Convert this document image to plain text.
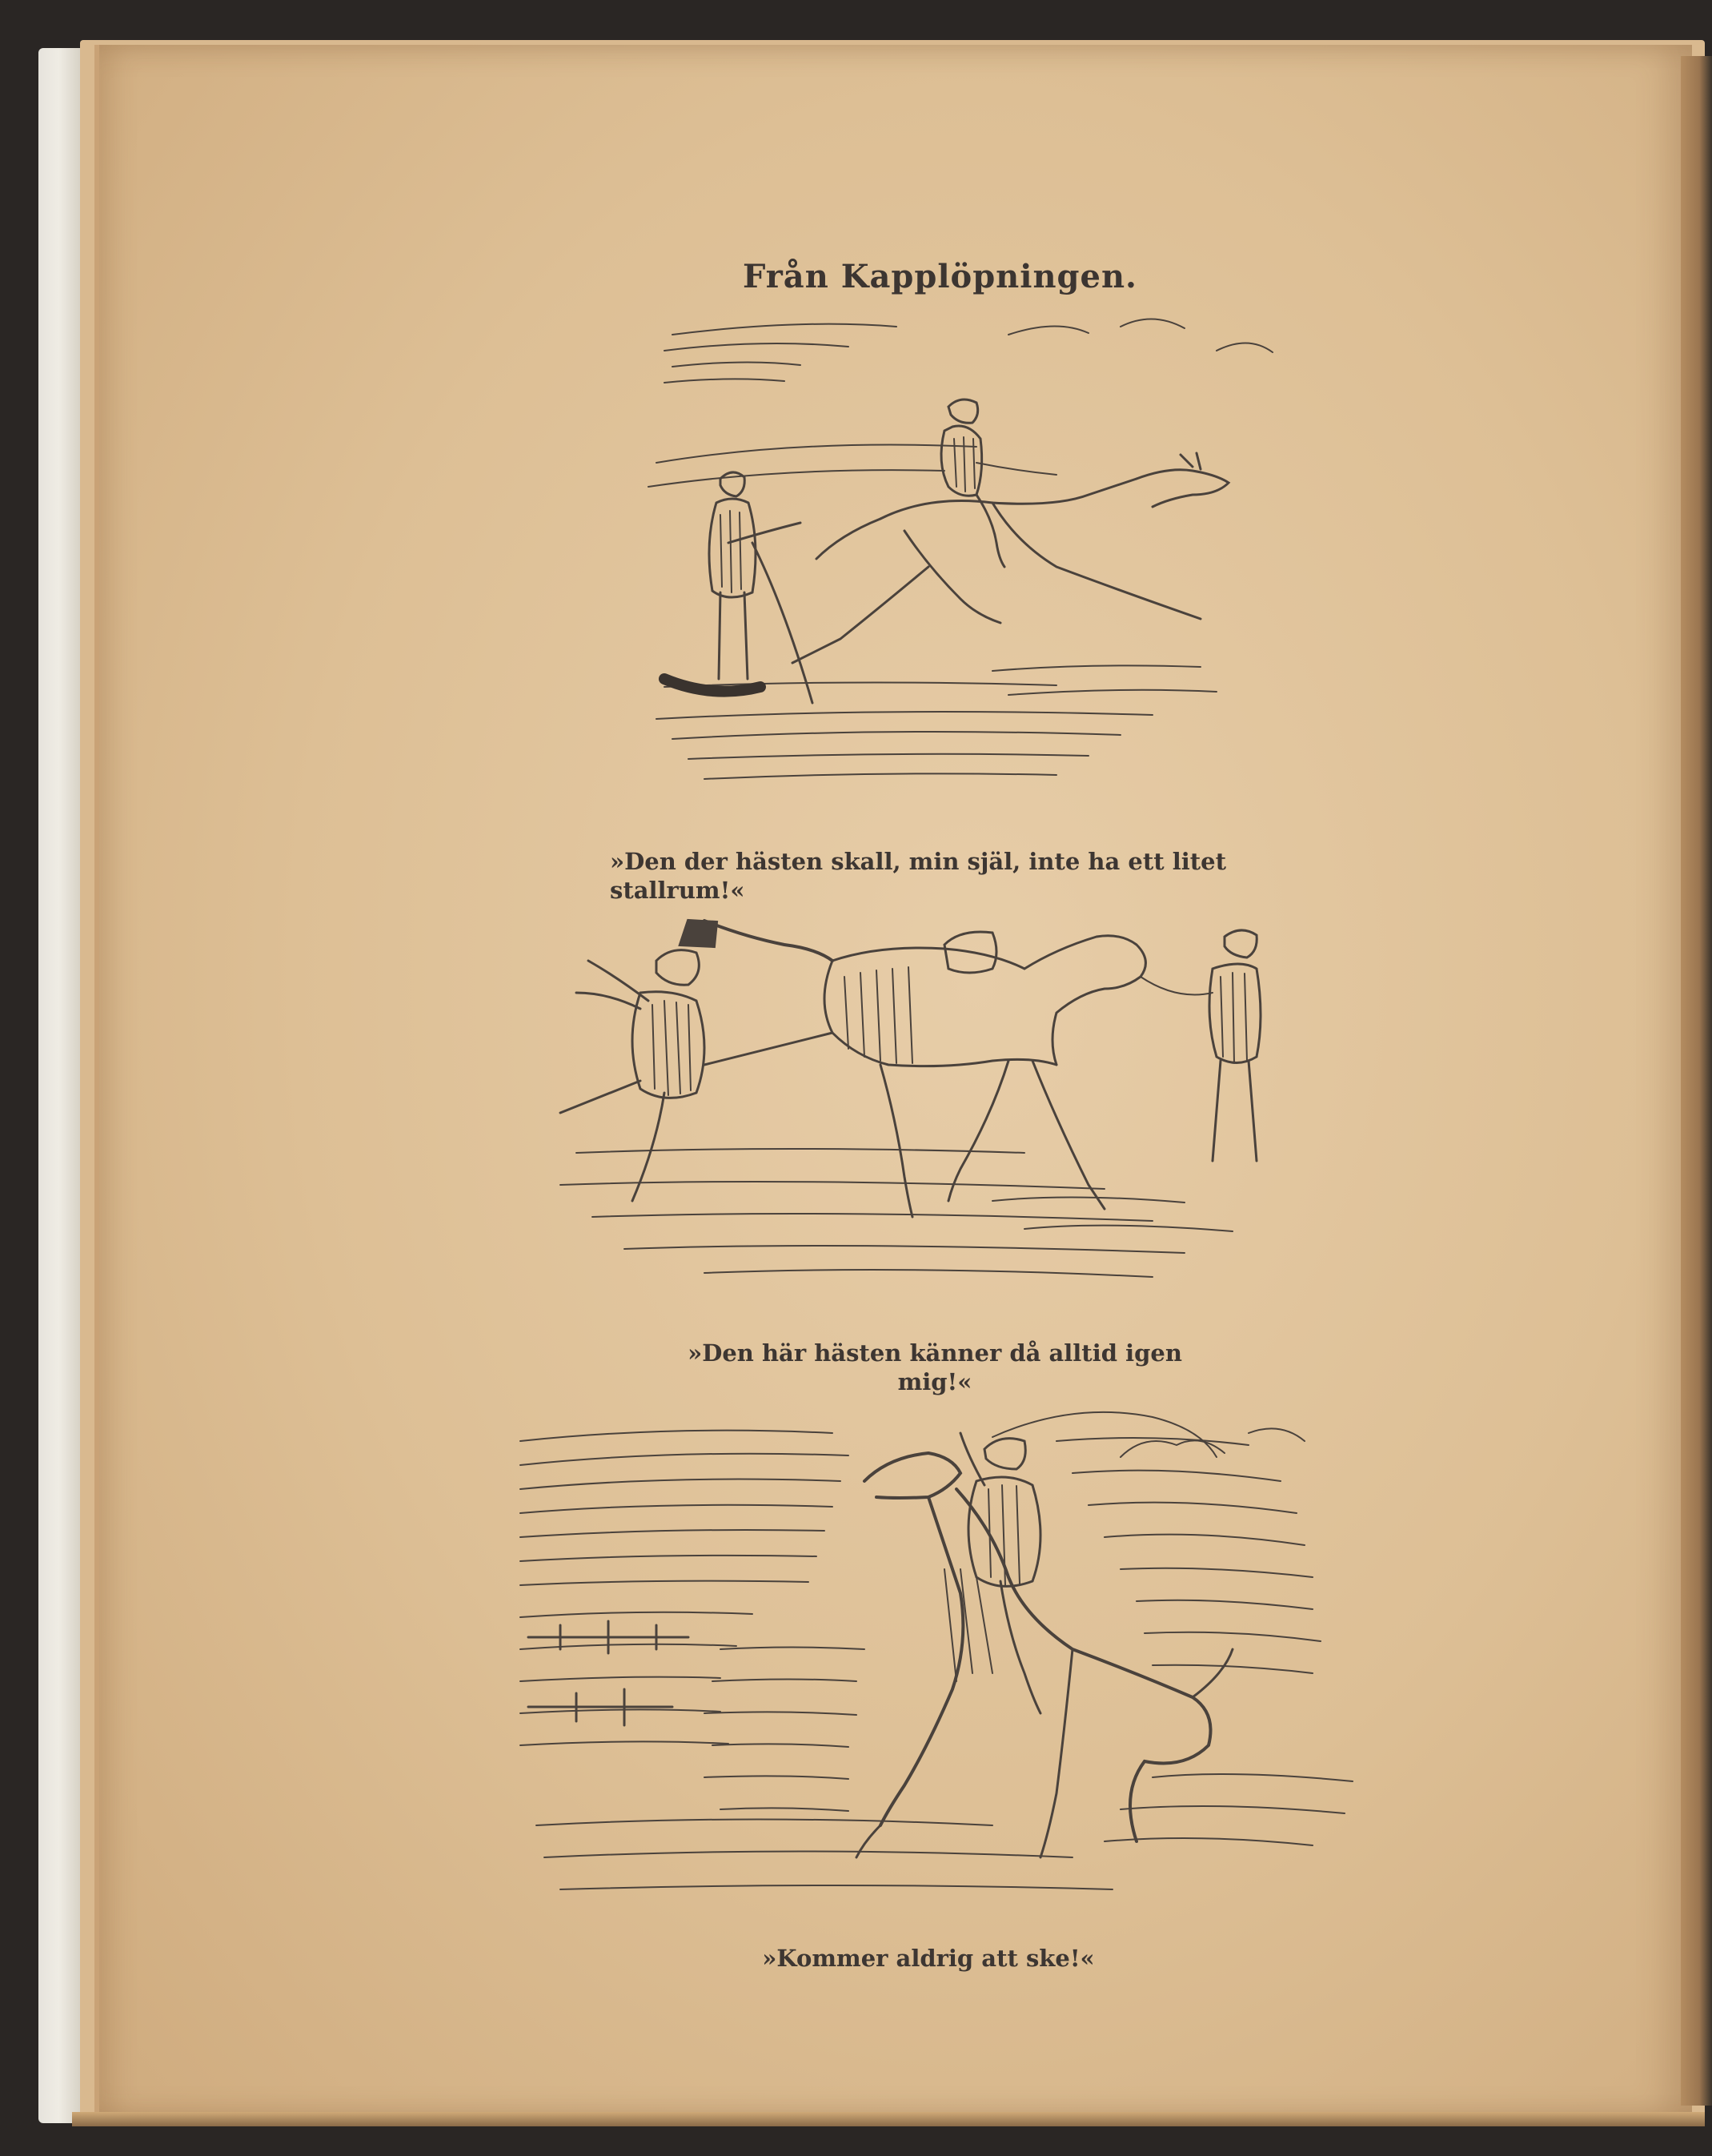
Från Kapplöpningen.
»Den der hästen skall, min själ, inte ha ett litet stallrum!«
»Den här hästen känner då alltid igen mig!«
»Kommer aldrig att ske!«
